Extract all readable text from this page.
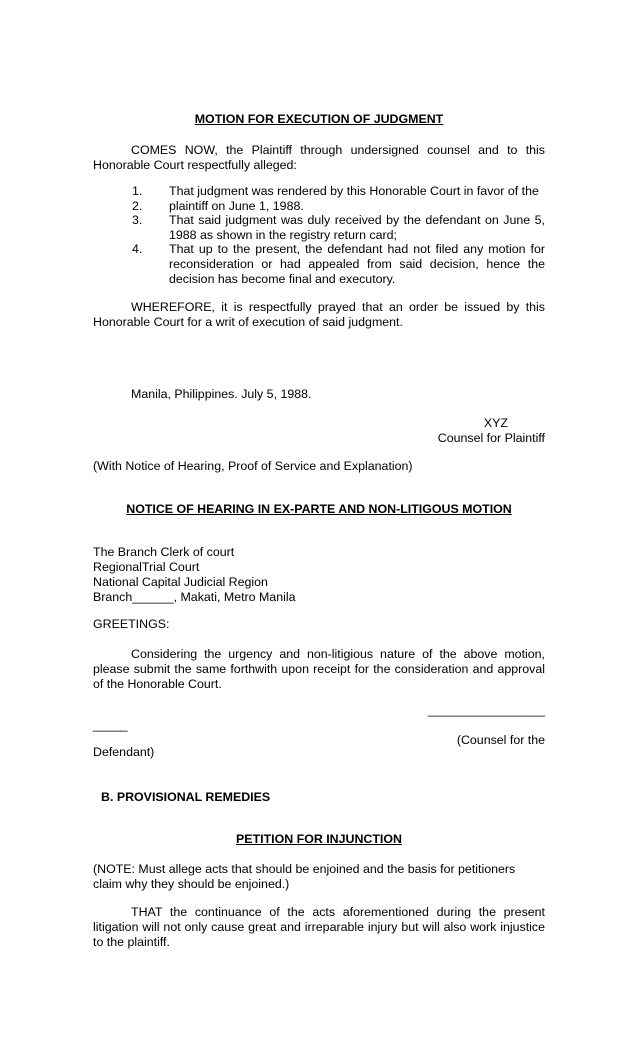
MOTION FOR EXECUTION OF JUDGMENT

COMES NOW, the Plaintiff through undersigned counsel and to this Honorable Court respectfully alleged:

1.	That judgment was rendered by this Honorable Court in favor of the
2.	plaintiff on June 1, 1988.
3.	That said judgment was duly received by the defendant on June 5, 1988 as shown in the registry return card;
4.	That up to the present, the defendant had not filed any motion for reconsideration or had appealed from said decision, hence the decision has become final and executory.

WHEREFORE, it is respectfully prayed that an order be issued by this Honorable Court for a writ of execution of said judgment.

Manila, Philippines. July 5, 1988.

XYZ

Counsel for Plaintiff

(With Notice of Hearing, Proof of Service and Explanation)

NOTICE OF HEARING IN EX-PARTE AND NON-LITIGOUS MOTION

The Branch Clerk of court
RegionalTrial Court
National Capital Judicial Region
Branch______, Makati, Metro Manila

GREETINGS:

Considering the urgency and non-litigious nature of the above motion, please submit the same forthwith upon receipt for the consideration and approval of the Honorable Court.

_________________

_____

(Counsel for the

Defendant)

B. PROVISIONAL REMEDIES

PETITION FOR INJUNCTION

(NOTE: Must allege acts that should be enjoined and the basis for petitioners claim why they should be enjoined.)

THAT the continuance of the acts aforementioned during the present litigation will not only cause great and irreparable injury but will also work injustice to the plaintiff.
